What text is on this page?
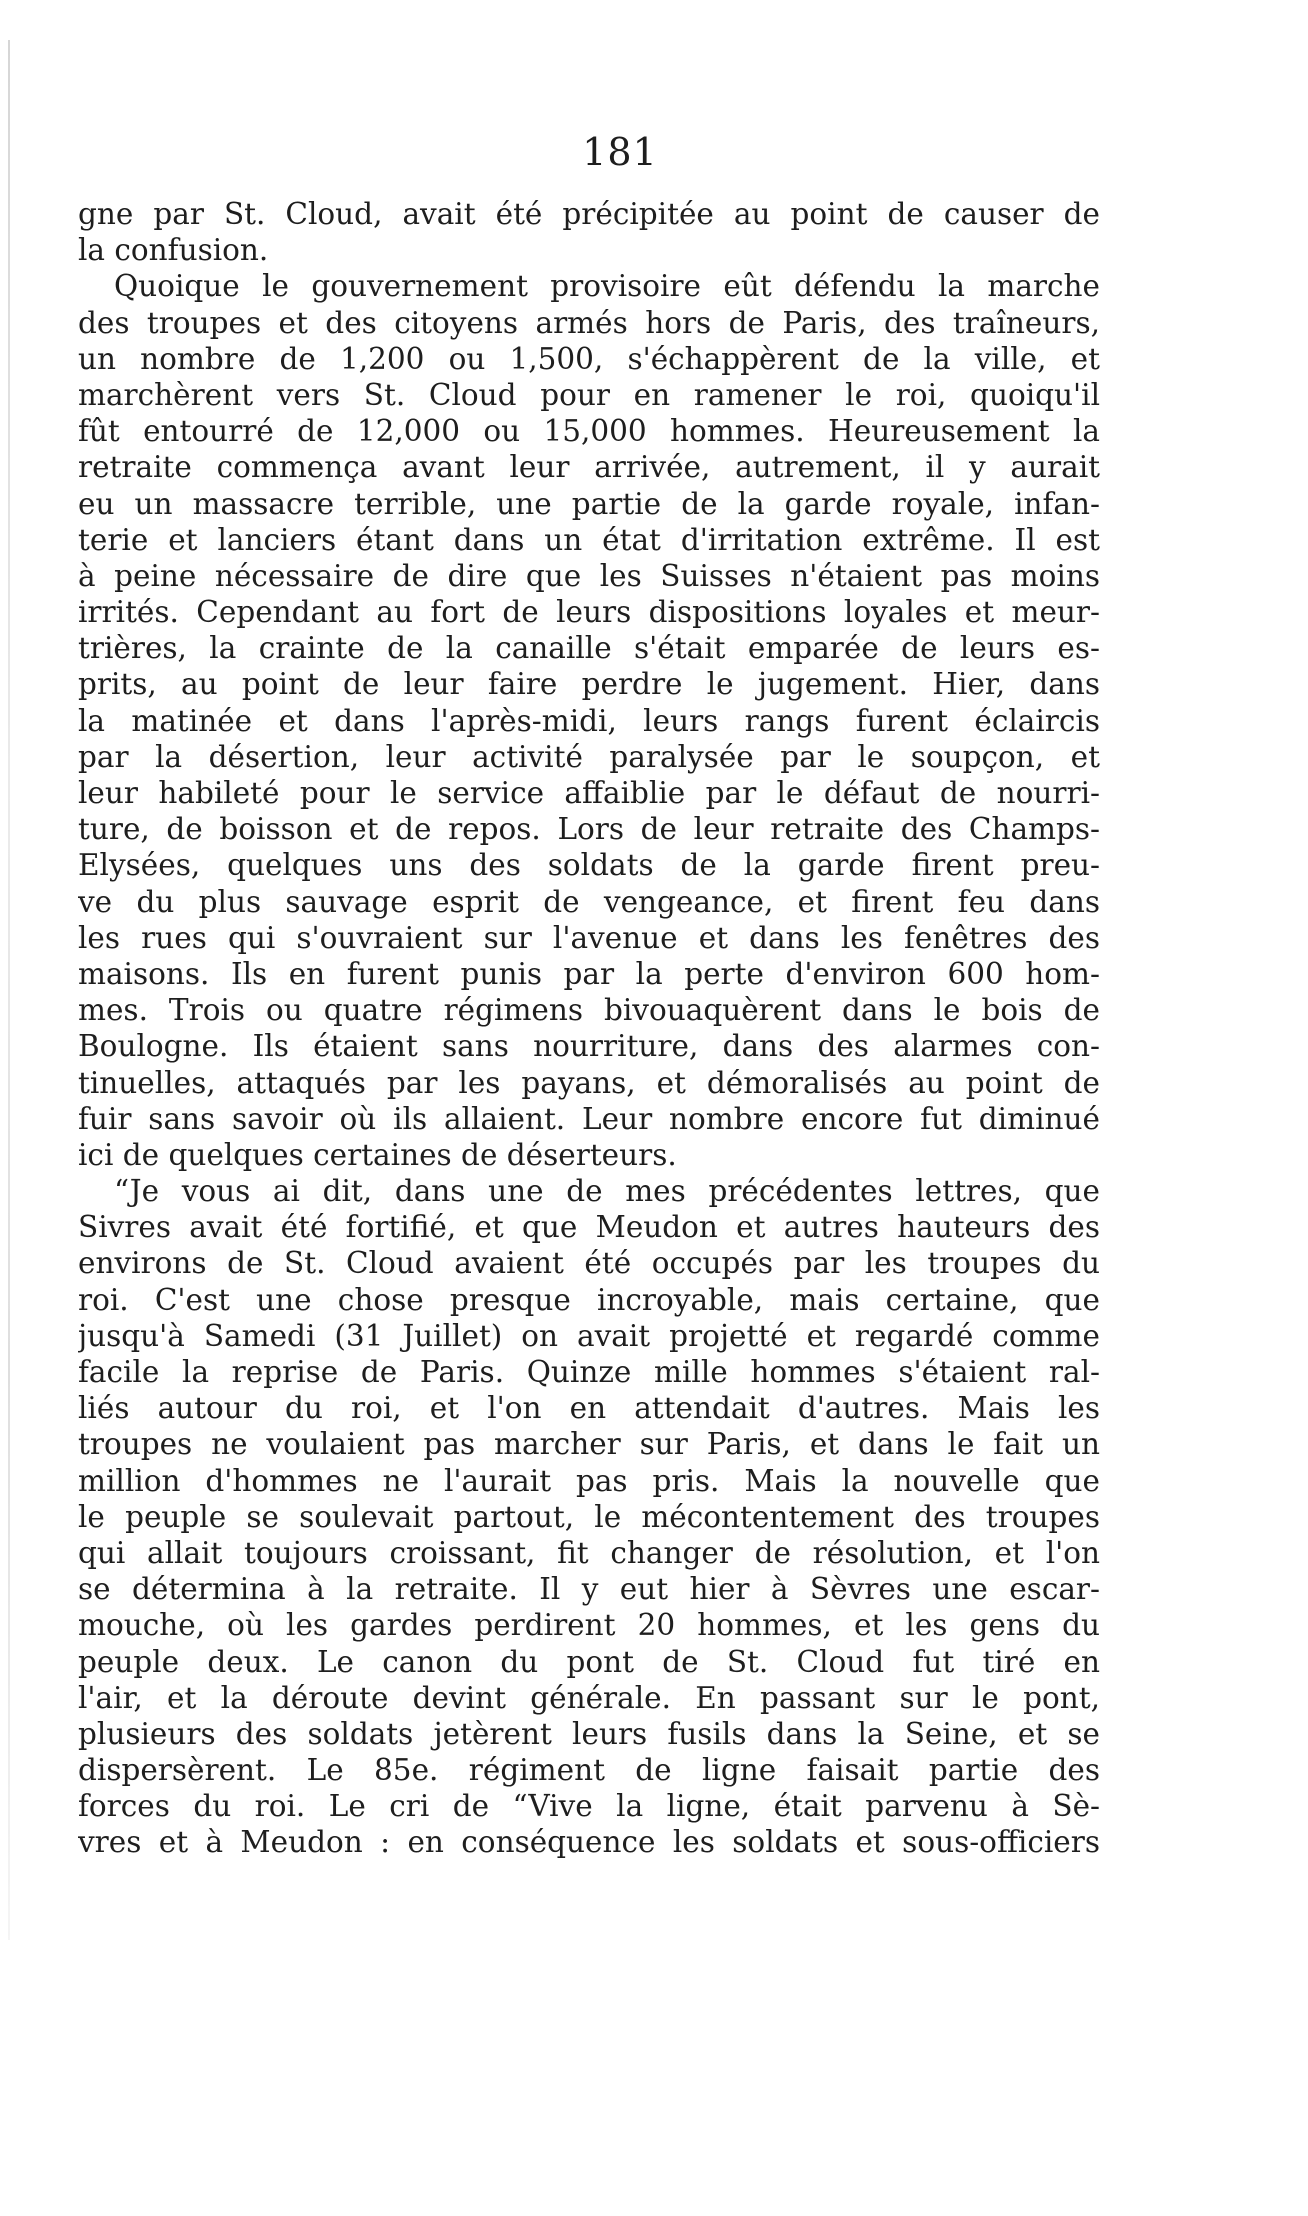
181
gne par St. Cloud, avait été précipitée au point de causer de
la confusion.
Quoique le gouvernement provisoire eût défendu la marche
des troupes et des citoyens armés hors de Paris, des traîneurs,
un nombre de 1,200 ou 1,500, s'échappèrent de la ville, et
marchèrent vers St. Cloud pour en ramener le roi, quoiqu'il
fût entourré de 12,000 ou 15,000 hommes. Heureusement la
retraite commença avant leur arrivée, autrement, il y aurait
eu un massacre terrible, une partie de la garde royale, infan-
terie et lanciers étant dans un état d'irritation extrême. Il est
à peine nécessaire de dire que les Suisses n'étaient pas moins
irrités. Cependant au fort de leurs dispositions loyales et meur-
trières, la crainte de la canaille s'était emparée de leurs es-
prits, au point de leur faire perdre le jugement. Hier, dans
la matinée et dans l'après-midi, leurs rangs furent éclaircis
par la désertion, leur activité paralysée par le soupçon, et
leur habileté pour le service affaiblie par le défaut de nourri-
ture, de boisson et de repos. Lors de leur retraite des Champs-
Elysées, quelques uns des soldats de la garde firent preu-
ve du plus sauvage esprit de vengeance, et firent feu dans
les rues qui s'ouvraient sur l'avenue et dans les fenêtres des
maisons. Ils en furent punis par la perte d'environ 600 hom-
mes. Trois ou quatre régimens bivouaquèrent dans le bois de
Boulogne. Ils étaient sans nourriture, dans des alarmes con-
tinuelles, attaqués par les payans, et démoralisés au point de
fuir sans savoir où ils allaient. Leur nombre encore fut diminué
ici de quelques certaines de déserteurs.
“Je vous ai dit, dans une de mes précédentes lettres, que
Sivres avait été fortifié, et que Meudon et autres hauteurs des
environs de St. Cloud avaient été occupés par les troupes du
roi. C'est une chose presque incroyable, mais certaine, que
jusqu'à Samedi (31 Juillet) on avait projetté et regardé comme
facile la reprise de Paris. Quinze mille hommes s'étaient ral-
liés autour du roi, et l'on en attendait d'autres. Mais les
troupes ne voulaient pas marcher sur Paris, et dans le fait un
million d'hommes ne l'aurait pas pris. Mais la nouvelle que
le peuple se soulevait partout, le mécontentement des troupes
qui allait toujours croissant, fit changer de résolution, et l'on
se détermina à la retraite. Il y eut hier à Sèvres une escar-
mouche, où les gardes perdirent 20 hommes, et les gens du
peuple deux. Le canon du pont de St. Cloud fut tiré en
l'air, et la déroute devint générale. En passant sur le pont,
plusieurs des soldats jetèrent leurs fusils dans la Seine, et se
dispersèrent. Le 85e. régiment de ligne faisait partie des
forces du roi. Le cri de “Vive la ligne, était parvenu à Sè-
vres et à Meudon : en conséquence les soldats et sous-officiers
